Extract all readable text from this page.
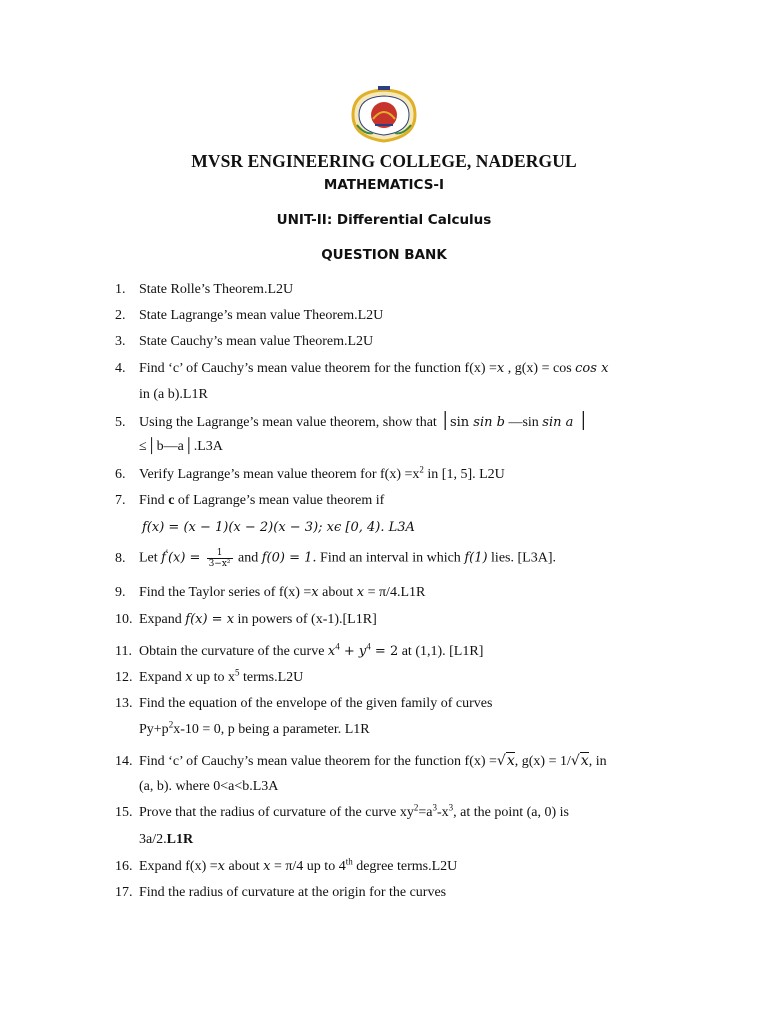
MVSR ENGINEERING COLLEGE, NADERGUL
MATHEMATICS-I
UNIT-II: Differential Calculus
QUESTION BANK
1. State Rolle’s Theorem.L2U
2. State Lagrange’s mean value Theorem.L2U
3. State Cauchy’s mean value Theorem.L2U
4. Find ‘c’ of Cauchy’s mean value theorem for the function f(x) =x , g(x) = cos cos x
in (a b).L1R
5. Using the Lagrange’s mean value theorem, show that │sin sin b —sin sin a │
≤│b—a│.L3A
6. Verify Lagrange’s mean value theorem for $f(x) =x^2$ in [1, 5]. L2U
7. Find c of Lagrange’s mean value theorem if
f(x) = (x − 1)(x − 2)(x − 3); xϵ [0, 4). L3A
8. Let $f'(x) = \frac{1}{\text{3−x²}}$ and f(0) = 1. Find an interval in which f(1) lies. [L3A].
9. Find the Taylor series of f(x) =x about x = π/4.L1R
10. Expand f(x) = x in powers of (x-1).[L1R]
11. Obtain the curvature of the curve $x^4 + y^4 = 2$ at (1,1). [L1R]
12. Expand x up to $x^5$ terms.L2U
13. Find the equation of the envelope of the given family of curves
$Py+p^2x-10 = 0$, p being a parameter. L1R
14. Find ‘c’ of Cauchy’s mean value theorem for the function f(x) =√x, g(x) = 1/√x, in
(a, b). where 0<a<b.L3A
15. Prove that the radius of curvature of the curve $xy^2=a^3-x^3$, at the point (a, 0) is
3a/2.L1R
16. Expand f(x) =x about x = π/4 up to 4th degree terms.L2U
17. Find the radius of curvature at the origin for the curves
